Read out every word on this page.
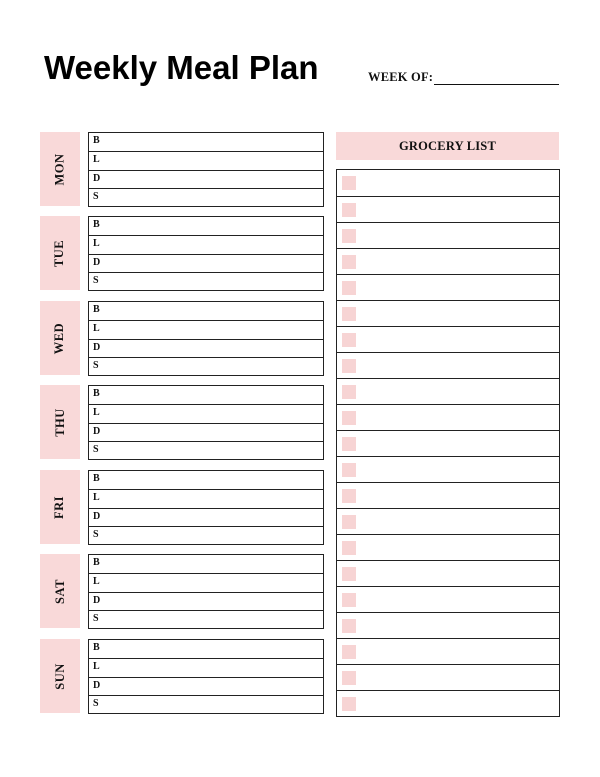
Weekly Meal Plan	WEEK OF:
MON
B
L
D
S
TUE
B
L
D
S
WED
B
L
D
S
THU
B
L
D
S
FRI
B
L
D
S
SAT
B
L
D
S
SUN
B
L
D
S
GROCERY LIST
